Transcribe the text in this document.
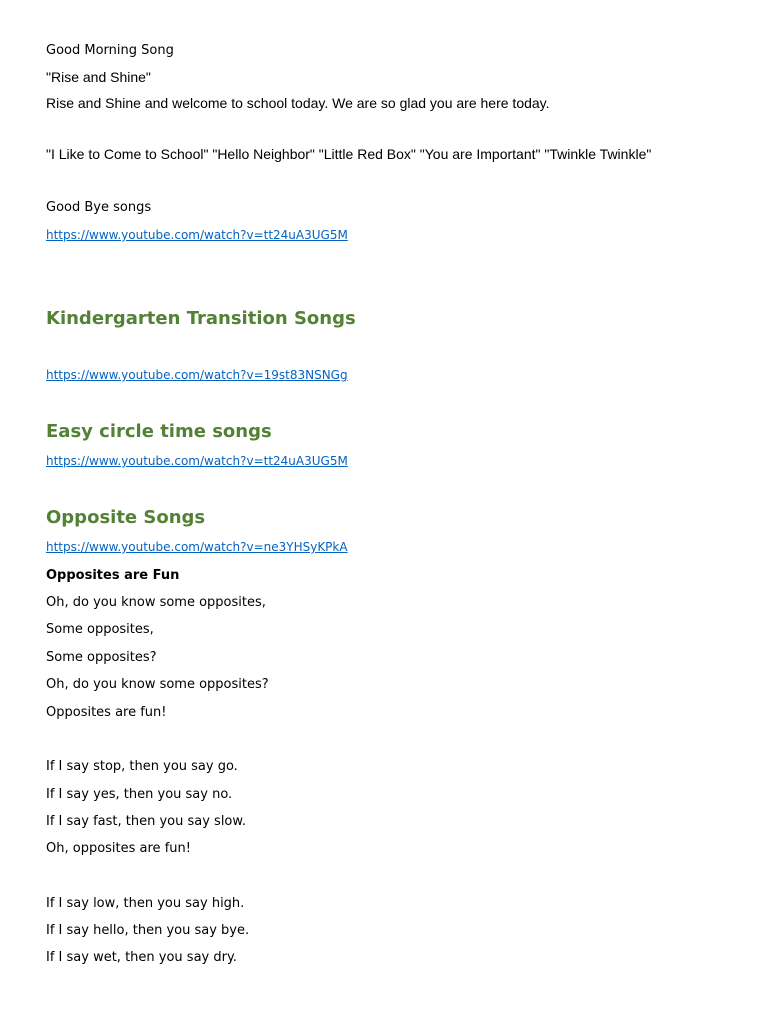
Good Morning Song
"Rise and Shine"
Rise and Shine and welcome to school today. We are so glad you are here today.
"I Like to Come to School" "Hello Neighbor" "Little Red Box" "You are Important" "Twinkle Twinkle"
Good Bye songs
https://www.youtube.com/watch?v=tt24uA3UG5M
Kindergarten Transition Songs
https://www.youtube.com/watch?v=19st83NSNGg
Easy circle time songs
https://www.youtube.com/watch?v=tt24uA3UG5M
Opposite Songs
https://www.youtube.com/watch?v=ne3YHSyKPkA
Opposites are Fun
Oh, do you know some opposites,
Some opposites,
Some opposites?
Oh, do you know some opposites?
Opposites are fun!
If I say stop, then you say go.
If I say yes, then you say no.
If I say fast, then you say slow.
Oh, opposites are fun!
If I say low, then you say high.
If I say hello, then you say bye.
If I say wet, then you say dry.
